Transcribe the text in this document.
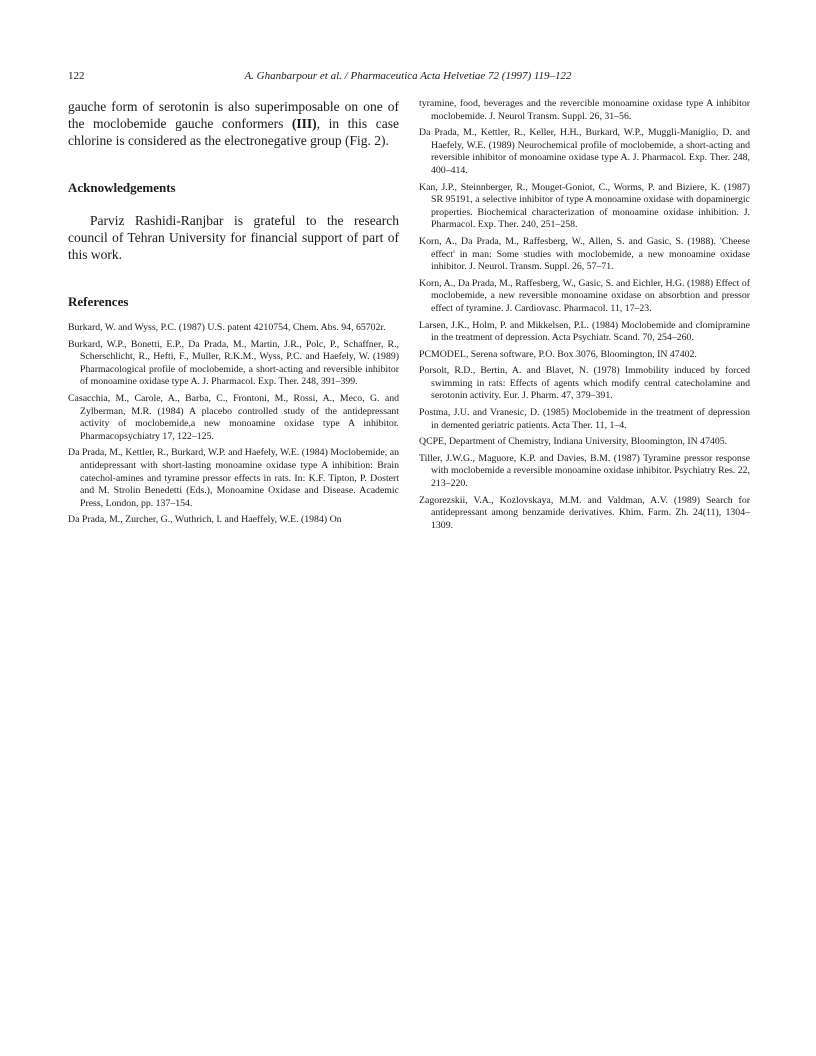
122	A. Ghanbarpour et al. / Pharmaceutica Acta Helvetiae 72 (1997) 119–122

gauche form of serotonin is also superimposable on one of the moclobemide gauche conformers (III), in this case chlorine is considered as the electronegative group (Fig. 2).

Acknowledgements

Parviz Rashidi-Ranjbar is grateful to the research council of Tehran University for financial support of part of this work.

References
Burkard, W. and Wyss, P.C. (1987) U.S. patent 4210754, Chem. Abs. 94, 65702r.
Burkard, W.P., Bonetti, E.P., Da Prada, M., Martin, J.R., Polc, P., Schaffner, R., Scherschlicht, R., Hefti, F., Muller, R.K.M., Wyss, P.C. and Haefely, W. (1989) Pharmacological profile of moclobemide, a short-acting and reversible inhibitor of monoamine oxidase type A. J. Pharmacol. Exp. Ther. 248, 391–399.
Casacchia, M., Carole, A., Barba, C., Frontoni, M., Rossi, A., Meco, G. and Zylberman, M.R. (1984) A placebo controlled study of the antidepressant activity of moclobemide,a new monoamine oxidase type A inhibitor. Pharmacopsychiatry 17, 122–125.
Da Prada, M., Kettler, R., Burkard, W.P. and Haefely, W.E. (1984) Moclobemide, an antidepressant with short-lasting monoamine oxidase type A inhibition: Brain catechol-amines and tyramine pressor effects in rats. In: K.F. Tipton, P. Dostert and M. Strolin Benedetti (Eds.), Monoamine Oxidase and Disease. Academic Press, London, pp. 137–154.
Da Prada, M., Zurcher, G., Wuthrich, I. and Haeffely, W.E. (1984) On
tyramine, food, beverages and the revercible monoamine oxidase type A inhibitor moclobemide. J. Neurol Transm. Suppl. 26, 31–56.
Da Prada, M., Kettler, R., Keller, H.H., Burkard, W.P., Muggli-Maniglio, D. and Haefely, W.E. (1989) Neurochemical profile of moclobemide, a short-acting and reversible inhibitor of monoamine oxidase type A. J. Pharmacol. Exp. Ther. 248, 400–414.
Kan, J.P., Steinnberger, R., Mouget-Goniot, C., Worms, P. and Biziere, K. (1987) SR 95191, a selective inhibitor of type A monoamine oxidase with dopaminergic properties. Biochemical characterization of monoamine oxidase inhibition. J. Pharmacol. Exp. Ther. 240, 251–258.
Korn, A., Da Prada, M., Raffesberg, W., Allen, S. and Gasic, S. (1988). 'Cheese effect' in man: Some studies with moclobemide, a new monoamine oxidase inhibitor. J. Neurol. Transm. Suppl. 26, 57–71.
Korn, A., Da Prada, M., Raffesberg, W., Gasic, S. and Eichler, H.G. (1988) Effect of moclobemide, a new reversible monoamine oxidase on absorbtion and pressor effect of tyramine. J. Cardiovasc. Pharmacol. 11, 17–23.
Larsen, J.K., Holm, P. and Mikkelsen, P.L. (1984) Moclobemide and clomipramine in the treatment of depression. Acta Psychiatr. Scand. 70, 254–260.
PCMODEL, Serena software, P.O. Box 3076, Bloomington, IN 47402.
Porsolt, R.D., Bertin, A. and Blavet, N. (1978) Immobility induced by forced swimming in rats: Effects of agents which modify central catecholamine and serotonin activity. Eur. J. Pharm. 47, 379–391.
Postma, J.U. and Vranesic, D. (1985) Moclobemide in the treatment of depression in demented geriatric patients. Acta Ther. 11, 1–4.
QCPE, Department of Chemistry, Indiana University, Bloomington, IN 47405.
Tiller, J.W.G., Maguore, K.P. and Davies, B.M. (1987) Tyramine pressor response with moclobemide a reversible monoamine oxidase inhibitor. Psychiatry Res. 22, 213–220.
Zagorezskii, V.A., Kozlovskaya, M.M. and Valdman, A.V. (1989) Search for antidepressant among benzamide derivatives. Khim. Farm. Zh. 24(11), 1304–1309.
